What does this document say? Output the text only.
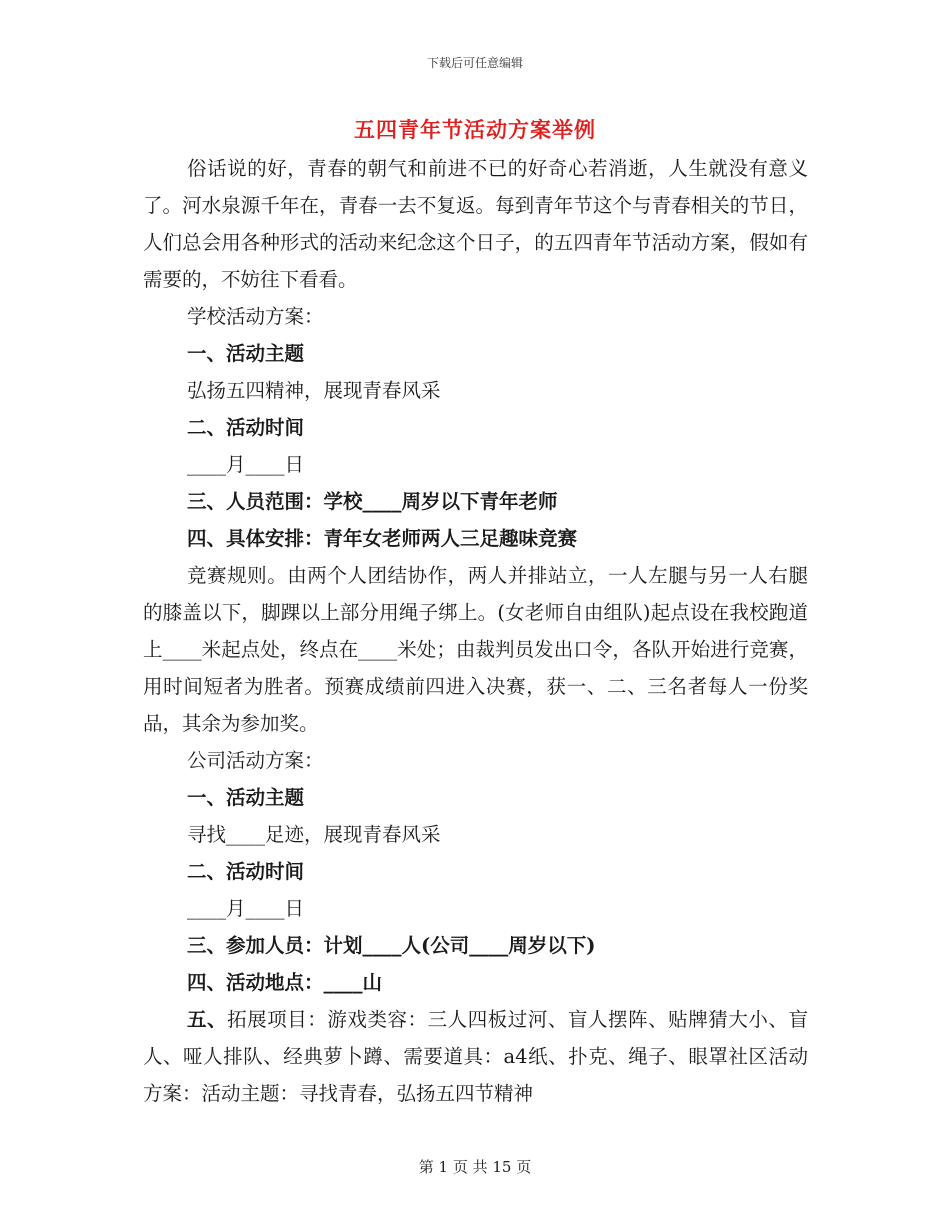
下载后可任意编辑
五四青年节活动方案举例

俗话说的好，青春的朝气和前进不已的好奇心若消逝，人生就没有意义了。河水泉源千年在，青春一去不复返。每到青年节这个与青春相关的节日，人们总会用各种形式的活动来纪念这个日子，的五四青年节活动方案，假如有需要的，不妨往下看看。

学校活动方案：

一、活动主题

弘扬五四精神，展现青春风采

二、活动时间

____月____日

三、人员范围：学校____周岁以下青年老师

四、具体安排：青年女老师两人三足趣味竞赛

竞赛规则。由两个人团结协作，两人并排站立，一人左腿与另一人右腿的膝盖以下，脚踝以上部分用绳子绑上。(女老师自由组队)起点设在我校跑道上____米起点处，终点在____米处；由裁判员发出口令，各队开始进行竞赛，用时间短者为胜者。预赛成绩前四进入决赛，获一、二、三名者每人一份奖品，其余为参加奖。

公司活动方案：

一、活动主题

寻找____足迹，展现青春风采

二、活动时间

____月____日

三、参加人员：计划____人(公司____周岁以下)

四、活动地点：____山

五、拓展项目：游戏类容：三人四板过河、盲人摆阵、贴牌猜大小、盲人、哑人排队、经典萝卜蹲、需要道具：a4纸、扑克、绳子、眼罩社区活动方案：活动主题：寻找青春，弘扬五四节精神

第 1 页 共 15 页
